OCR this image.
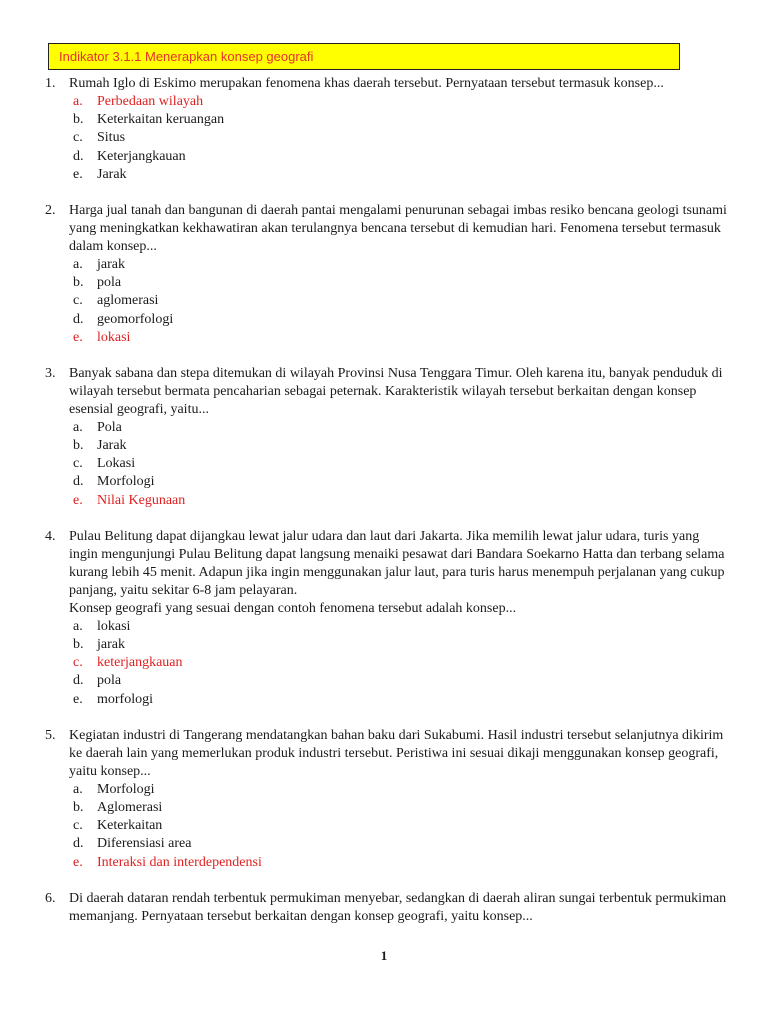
Indikator 3.1.1 Menerapkan konsep geografi
1. Rumah Iglo di Eskimo merupakan fenomena khas daerah tersebut. Pernyataan tersebut termasuk konsep...

a. Perbedaan wilayah
b. Keterkaitan keruangan
c. Situs
d. Keterjangkauan
e. Jarak
2. Harga jual tanah dan bangunan di daerah pantai mengalami penurunan sebagai imbas resiko bencana geologi tsunami yang meningkatkan kekhawatiran akan terulangnya bencana tersebut di kemudian hari. Fenomena tersebut termasuk dalam konsep...

a. jarak
b. pola
c. aglomerasi
d. geomorfologi
e. lokasi
3. Banyak sabana dan stepa ditemukan di wilayah Provinsi Nusa Tenggara Timur. Oleh karena itu, banyak penduduk di wilayah tersebut bermata pencaharian sebagai peternak. Karakteristik wilayah tersebut berkaitan dengan konsep esensial geografi, yaitu...

a. Pola
b. Jarak
c. Lokasi
d. Morfologi
e. Nilai Kegunaan
4. Pulau Belitung dapat dijangkau lewat jalur udara dan laut dari Jakarta. Jika memilih lewat jalur udara, turis yang ingin mengunjungi Pulau Belitung dapat langsung menaiki pesawat dari Bandara Soekarno Hatta dan terbang selama kurang lebih 45 menit. Adapun jika ingin menggunakan jalur laut, para turis harus menempuh perjalanan yang cukup panjang, yaitu sekitar 6-8 jam pelayaran.

Konsep geografi yang sesuai dengan contoh fenomena tersebut adalah konsep...

a. lokasi
b. jarak
c. keterjangkauan
d. pola
e. morfologi
5. Kegiatan industri di Tangerang mendatangkan bahan baku dari Sukabumi. Hasil industri tersebut selanjutnya dikirim ke daerah lain yang memerlukan produk industri tersebut. Peristiwa ini sesuai dikaji menggunakan konsep geografi, yaitu konsep...

a. Morfologi
b. Aglomerasi
c. Keterkaitan
d. Diferensiasi area
e. Interaksi dan interdependensi
6. Di daerah dataran rendah terbentuk permukiman menyebar, sedangkan di daerah aliran sungai terbentuk permukiman memanjang. Pernyataan tersebut berkaitan dengan konsep geografi, yaitu konsep...

1
